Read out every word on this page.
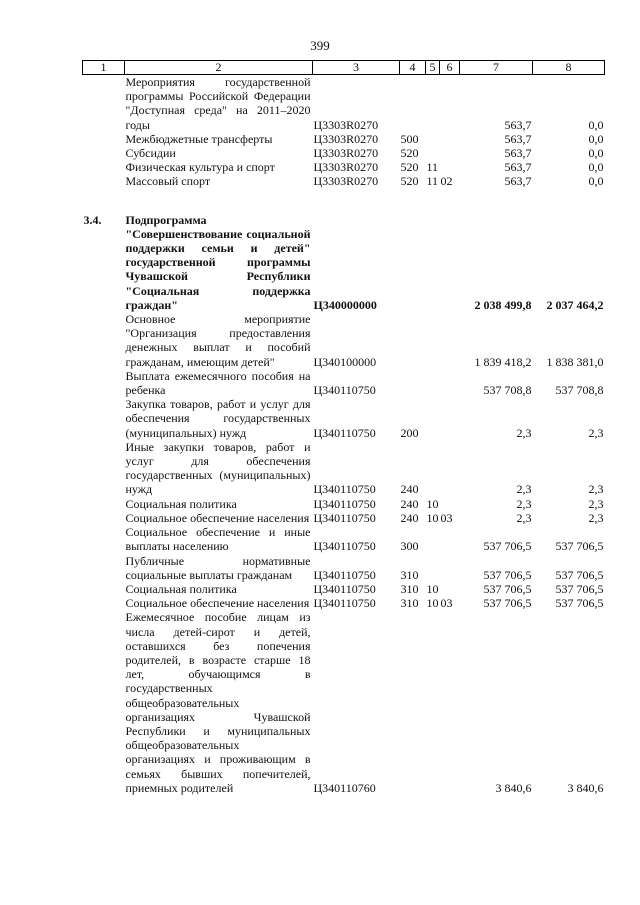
399
1	2	3	4	5	6	7	8
	Мероприятия государственной программы Российской Федерации "Доступная среда" на 2011–2020 годы	Ц3303R0270				563,7	0,0
	Межбюджетные трансферты	Ц3303R0270	500			563,7	0,0
	Субсидии	Ц3303R0270	520			563,7	0,0
	Физическая культура и спорт	Ц3303R0270	520	11		563,7	0,0
	Массовый спорт	Ц3303R0270	520	11	02	563,7	0,0

3.4.	Подпрограмма "Совершенствование социальной поддержки семьи и детей" государственной программы Чувашской Республики "Социальная поддержка граждан"	Ц340000000				2 038 499,8	2 037 464,2
	Основное мероприятие "Организация предоставления денежных выплат и пособий гражданам, имеющим детей"	Ц340100000				1 839 418,2	1 838 381,0
	Выплата ежемесячного пособия на ребенка	Ц340110750				537 708,8	537 708,8
	Закупка товаров, работ и услуг для обеспечения государственных (муниципальных) нужд	Ц340110750	200			2,3	2,3
	Иные закупки товаров, работ и услуг для обеспечения государственных (муниципальных) нужд	Ц340110750	240			2,3	2,3
	Социальная политика	Ц340110750	240	10		2,3	2,3
	Социальное обеспечение населения	Ц340110750	240	10	03	2,3	2,3
	Социальное обеспечение и иные выплаты населению	Ц340110750	300			537 706,5	537 706,5
	Публичные нормативные социальные выплаты гражданам	Ц340110750	310			537 706,5	537 706,5
	Социальная политика	Ц340110750	310	10		537 706,5	537 706,5
	Социальное обеспечение населения	Ц340110750	310	10	03	537 706,5	537 706,5
	Ежемесячное пособие лицам из числа детей-сирот и детей, оставшихся без попечения родителей, в возрасте старше 18 лет, обучающимся в государственных общеобразовательных организациях Чувашской Республики и муниципальных общеобразовательных организациях и проживающим в семьях бывших попечителей, приемных родителей	Ц340110760				3 840,6	3 840,6
